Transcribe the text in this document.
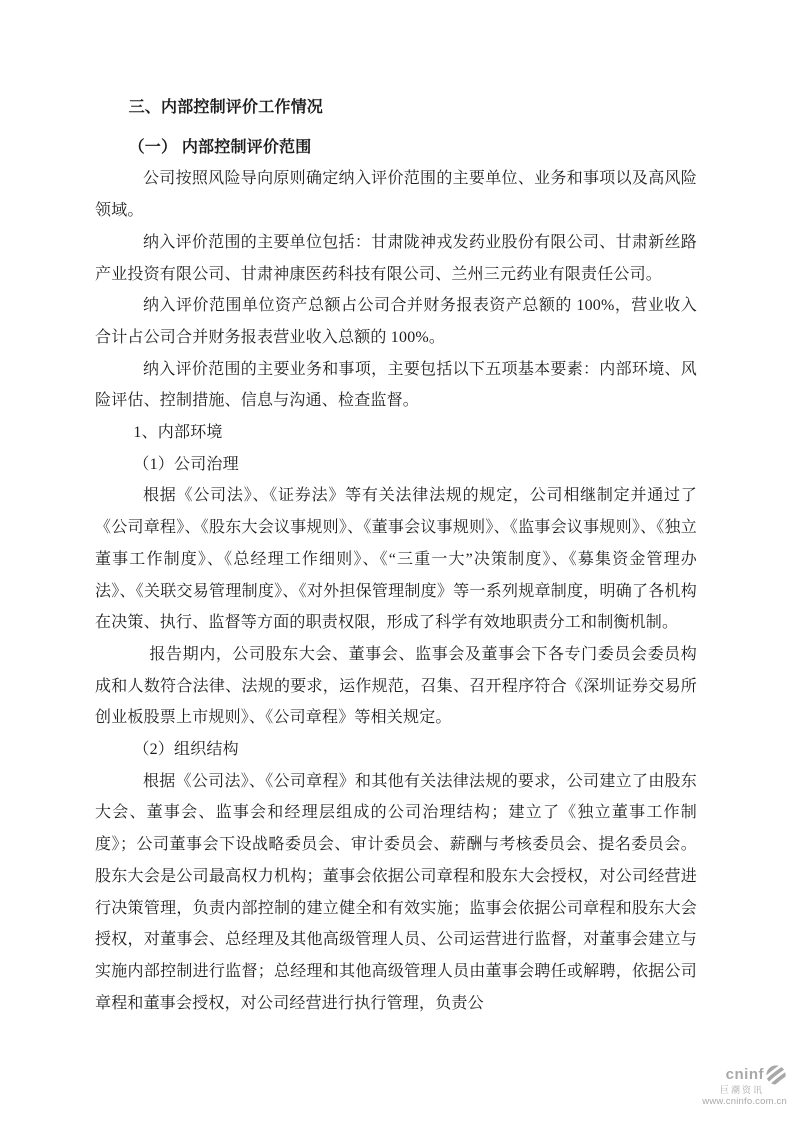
三、内部控制评价工作情况

（一） 内部控制评价范围

公司按照风险导向原则确定纳入评价范围的主要单位、业务和事项以及高风险领域。

纳入评价范围的主要单位包括：甘肃陇神戎发药业股份有限公司、甘肃新丝路产业投资有限公司、甘肃神康医药科技有限公司、兰州三元药业有限责任公司。

纳入评价范围单位资产总额占公司合并财务报表资产总额的 100%，营业收入合计占公司合并财务报表营业收入总额的 100%。

纳入评价范围的主要业务和事项，主要包括以下五项基本要素：内部环境、风险评估、控制措施、信息与沟通、检查监督。

1、内部环境

（1）公司治理

根据《公司法》、《证券法》等有关法律法规的规定，公司相继制定并通过了《公司章程》、《股东大会议事规则》、《董事会议事规则》、《监事会议事规则》、《独立董事工作制度》、《总经理工作细则》、《“三重一大”决策制度》、《募集资金管理办法》、《关联交易管理制度》、《对外担保管理制度》等一系列规章制度，明确了各机构在决策、执行、监督等方面的职责权限，形成了科学有效地职责分工和制衡机制。

报告期内，公司股东大会、董事会、监事会及董事会下各专门委员会委员构成和人数符合法律、法规的要求，运作规范，召集、召开程序符合《深圳证券交易所创业板股票上市规则》、《公司章程》等相关规定。

（2）组织结构

根据《公司法》、《公司章程》和其他有关法律法规的要求，公司建立了由股东大会、董事会、监事会和经理层组成的公司治理结构；建立了《独立董事工作制度》；公司董事会下设战略委员会、审计委员会、薪酬与考核委员会、提名委员会。股东大会是公司最高权力机构；董事会依据公司章程和股东大会授权，对公司经营进行决策管理，负责内部控制的建立健全和有效实施；监事会依据公司章程和股东大会授权，对董事会、总经理及其他高级管理人员、公司运营进行监督，对董事会建立与实施内部控制进行监督；总经理和其他高级管理人员由董事会聘任或解聘，依据公司章程和董事会授权，对公司经营进行执行管理，负责公

cninf
巨潮资讯
www.cninfo.com.cn
